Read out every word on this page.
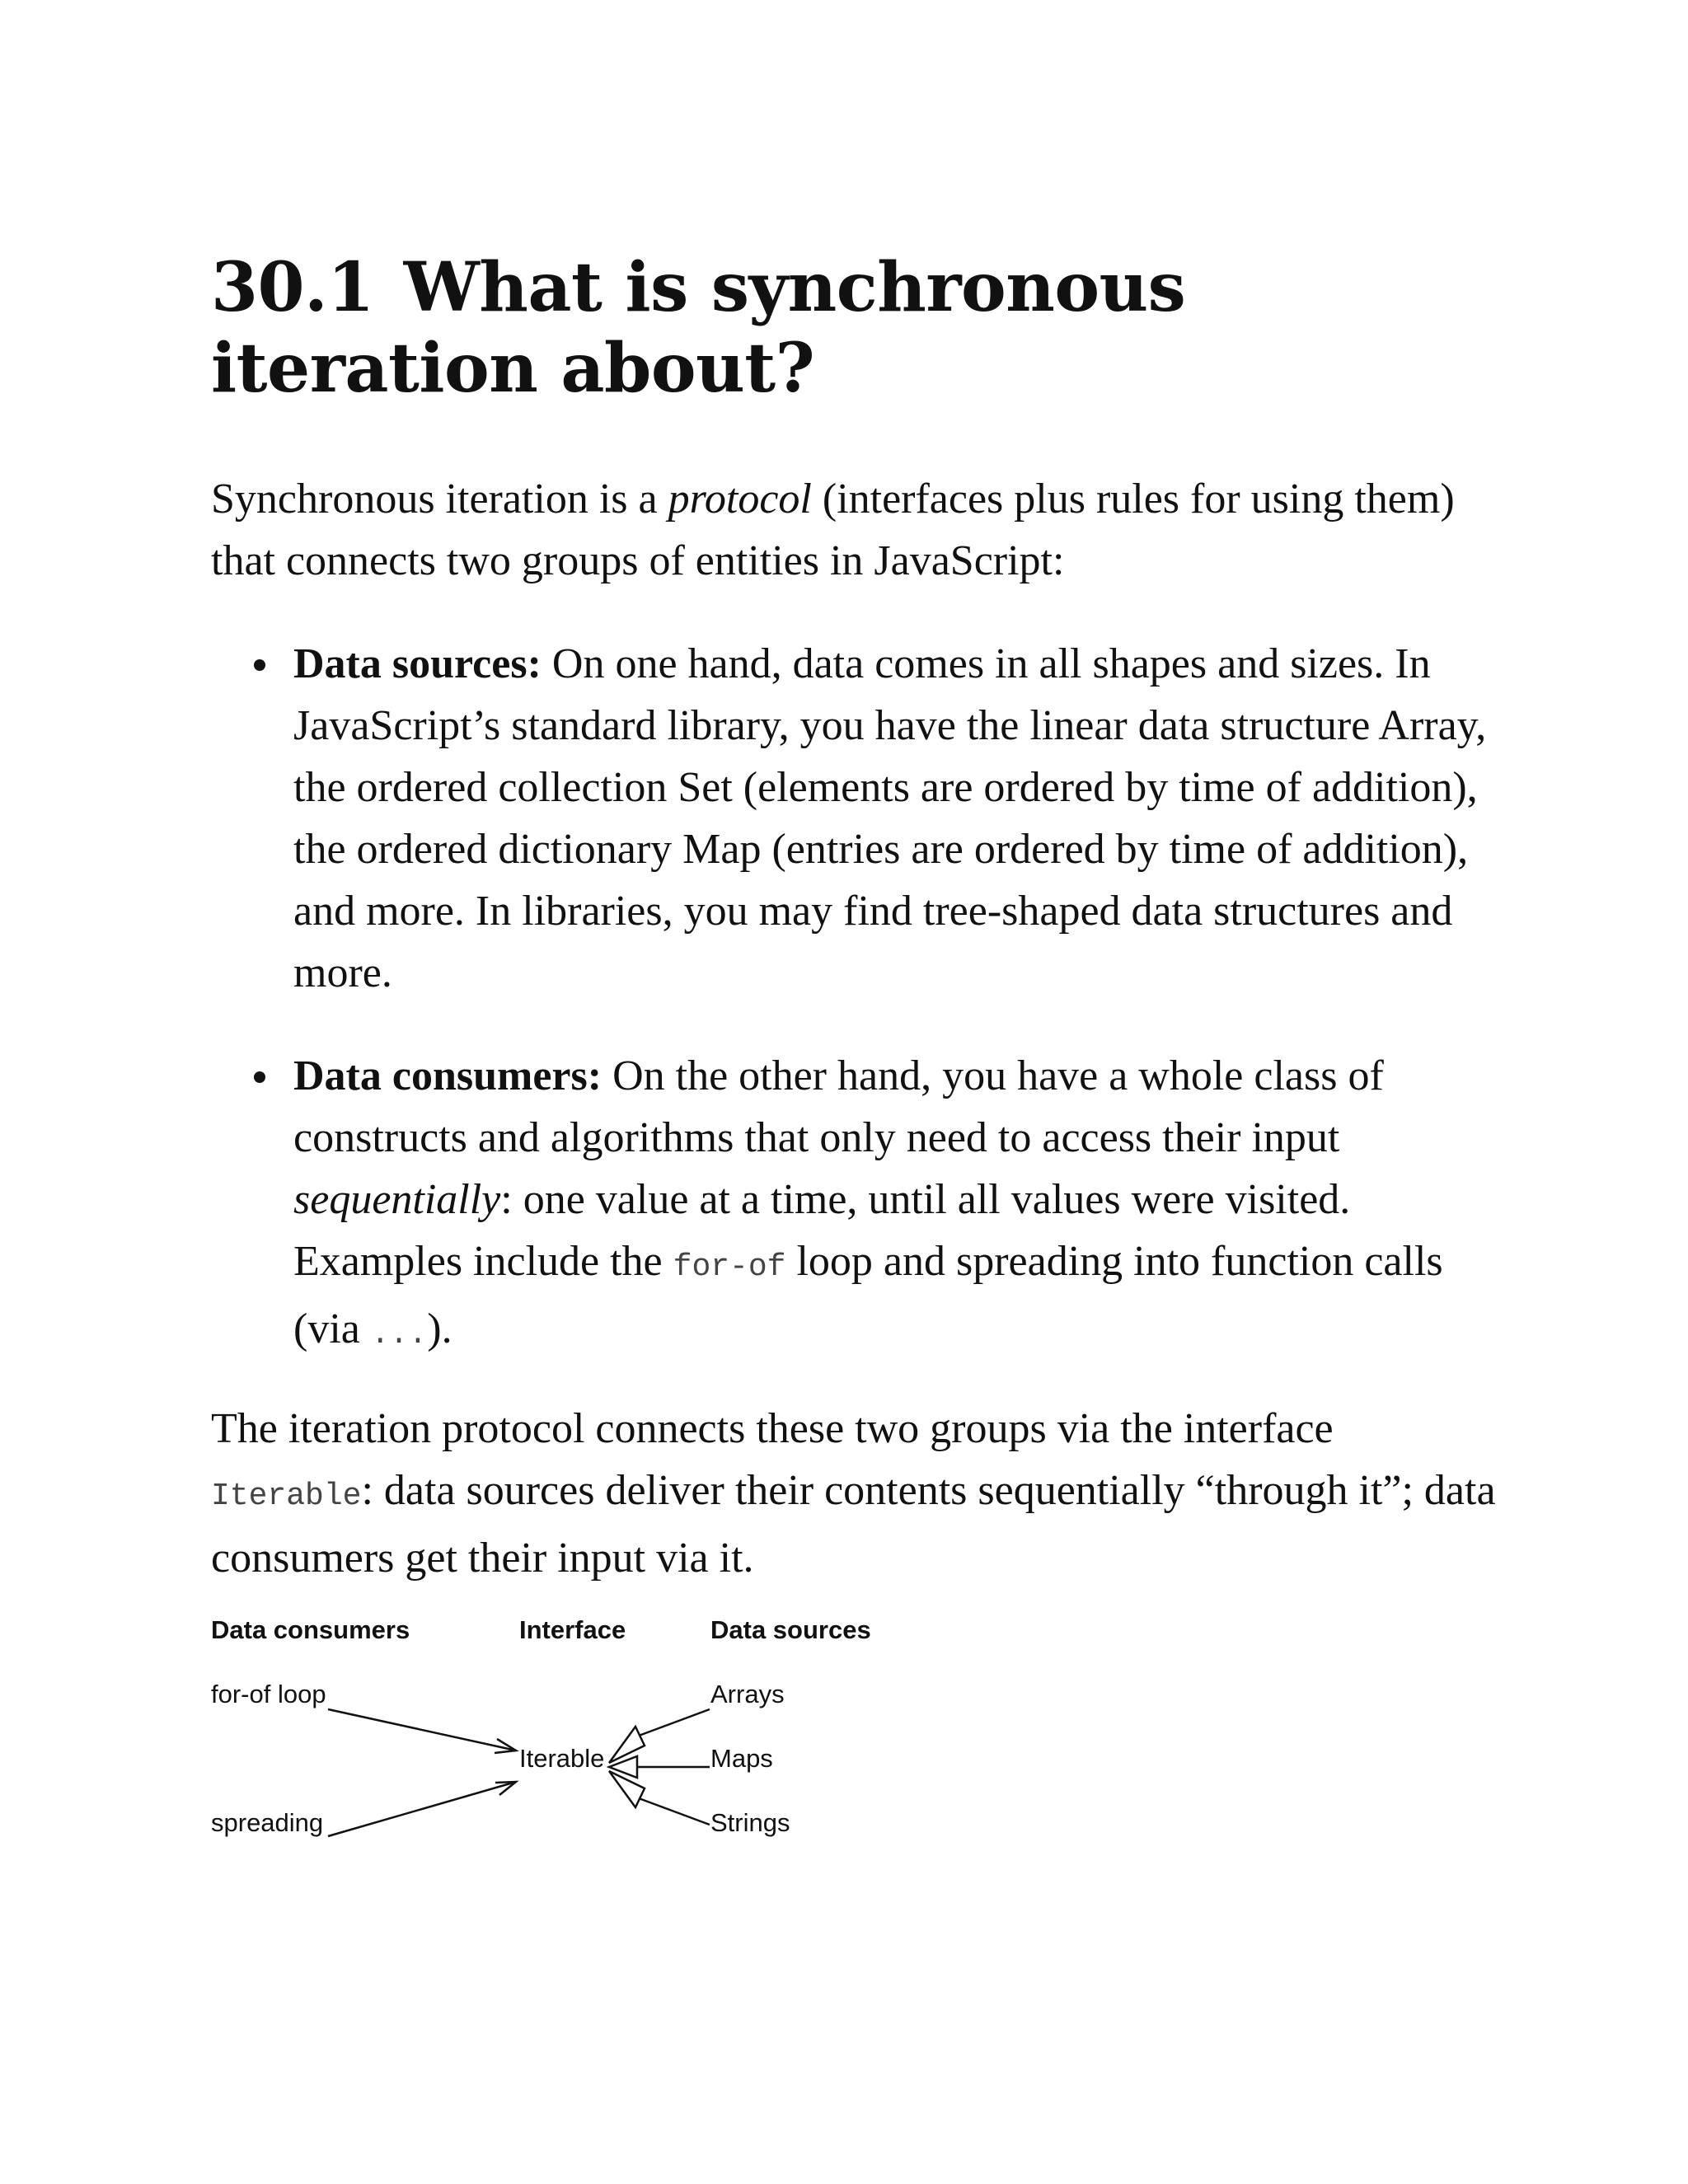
30.1 What is synchronous iteration about?

Synchronous iteration is a protocol (interfaces plus rules for using them) that connects two groups of entities in JavaScript:

Data sources: On one hand, data comes in all shapes and sizes. In JavaScript’s standard library, you have the linear data structure Array, the ordered collection Set (elements are ordered by time of addition), the ordered dictionary Map (entries are ordered by time of addition), and more. In libraries, you may find tree-shaped data structures and more.
Data consumers: On the other hand, you have a whole class of constructs and algorithms that only need to access their input sequentially: one value at a time, until all values were visited. Examples include the for-of loop and spreading into function calls (via ...).

The iteration protocol connects these two groups via the interface Iterable: data sources deliver their contents sequentially “through it”; data consumers get their input via it.

Data consumers	Interface	Data sources
for-of loop
spreading
Iterable
Arrays
Maps
Strings
